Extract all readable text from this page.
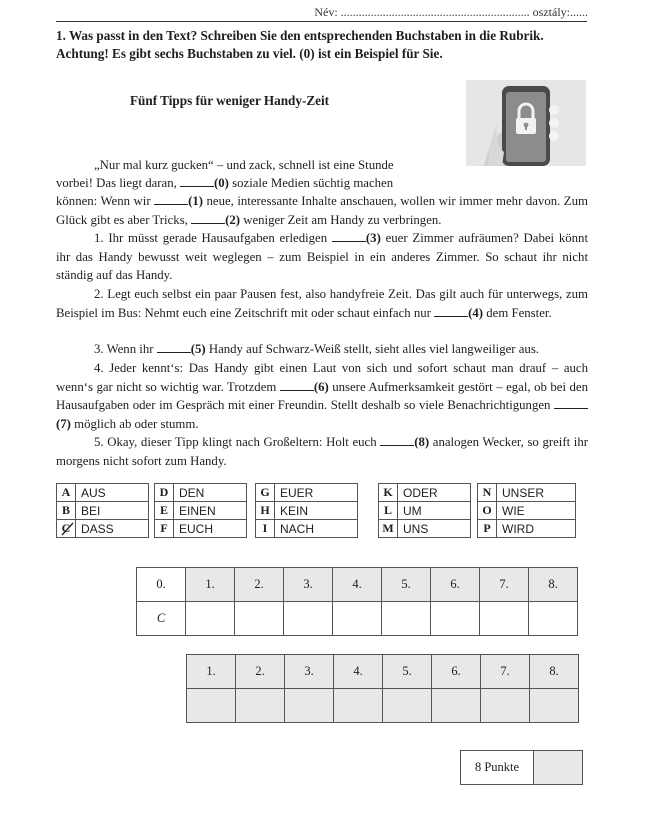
Név: ............................................................... osztály:......
1. Was passt in den Text? Schreiben Sie den entsprechenden Buchstaben in die Rubrik. Achtung! Es gibt sechs Buchstaben zu viel. (0) ist ein Beispiel für Sie.
Fünf Tipps für weniger Handy-Zeit
„Nur mal kurz gucken“ – und zack, schnell ist eine Stunde
vorbei! Das liegt daran,	(0) soziale Medien süchtig machen
können: Wenn wir	(1) neue, interessante Inhalte anschauen, wollen wir immer mehr davon. Zum Glück gibt es aber Tricks,	(2) weniger Zeit am Handy zu verbringen.
1. Ihr müsst gerade Hausaufgaben erledigen	(3) euer Zimmer aufräumen? Dabei könnt ihr das Handy bewusst weit weglegen – zum Beispiel in ein anderes Zimmer. So schaut ihr nicht ständig auf das Handy.
2. Legt euch selbst ein paar Pausen fest, also handyfreie Zeit. Das gilt auch für unterwegs, zum Beispiel im Bus: Nehmt euch eine Zeitschrift mit oder schaut einfach nur	(4) dem Fenster.
3. Wenn ihr	(5) Handy auf Schwarz-Weiß stellt, sieht alles viel langweiliger aus.
4. Jeder kennt‘s: Das Handy gibt einen Laut von sich und sofort schaut man drauf – auch wenn‘s gar nicht so wichtig war. Trotzdem	(6) unsere Aufmerksamkeit gestört – egal, ob bei den Hausaufgaben oder im Gespräch mit einer Freundin. Stellt deshalb so viele Benachrichtigungen (7) möglich ab oder stumm.
5. Okay, dieser Tipp klingt nach Großeltern: Holt euch	(8) analogen Wecker, so greift ihr morgens nicht sofort zum Handy.
A	AUS
B	BEI
C	DASS
D	DEN
E	EINEN
F	EUCH
G	EUER
H	KEIN
I	NACH
K	ODER
L	UM
M	UNS
N	UNSER
O	WIE
P	WIRD
0.	1.	2.	3.	4.	5.	6.	7.	8.
C								
1.	2.	3.	4.	5.	6.	7.	8.

8 Punkte	
